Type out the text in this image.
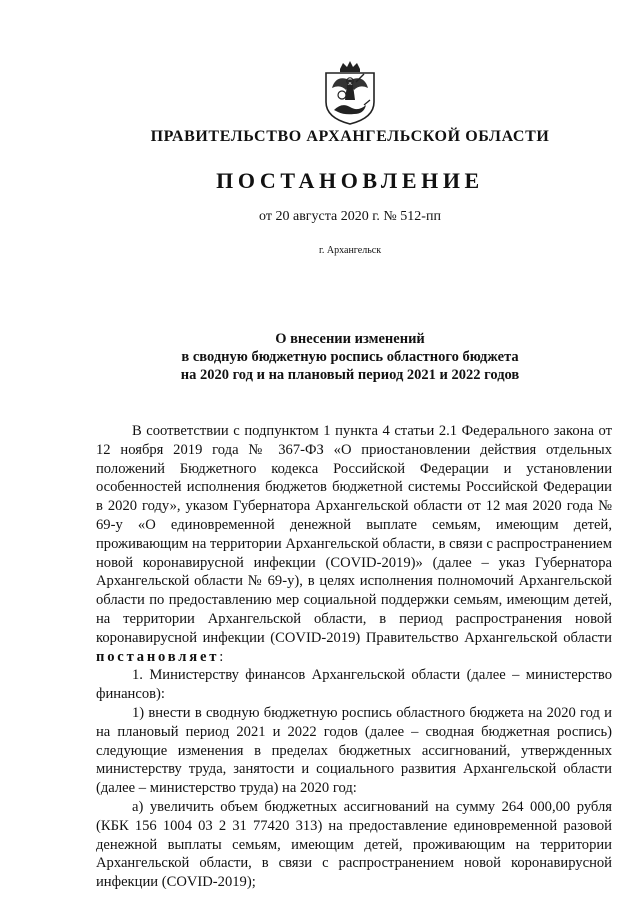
ПРАВИТЕЛЬСТВО АРХАНГЕЛЬСКОЙ ОБЛАСТИ
ПОСТАНОВЛЕНИЕ
от 20 августа 2020 г. № 512-пп
г. Архангельск
О внесении изменений
в сводную бюджетную роспись областного бюджета
на 2020 год и на плановый период 2021 и 2022 годов

В соответствии с подпунктом 1 пункта 4 статьи 2.1 Федерального закона от 12 ноября 2019 года № 367-ФЗ «О приостановлении действия отдельных положений Бюджетного кодекса Российской Федерации и установлении особенностей исполнения бюджетов бюджетной системы Российской Федерации в 2020 году», указом Губернатора Архангельской области от 12 мая 2020 года № 69-у «О единовременной денежной выплате семьям, имеющим детей, проживающим на территории Архангельской области, в связи с распространением новой коронавирусной инфекции (COVID-2019)» (далее – указ Губернатора Архангельской области № 69-у), в целях исполнения полномочий Архангельской области по предоставлению мер социальной поддержки семьям, имеющим детей, на территории Архангельской области, в период распространения новой коронавирусной инфекции (COVID-2019) Правительство Архангельской области постановляет:

1. Министерству финансов Архангельской области (далее – министерство финансов):

1) внести в сводную бюджетную роспись областного бюджета на 2020 год и на плановый период 2021 и 2022 годов (далее – сводная бюджетная роспись) следующие изменения в пределах бюджетных ассигнований, утвержденных министерству труда, занятости и социального развития Архангельской области (далее – министерство труда) на 2020 год:

а) увеличить объем бюджетных ассигнований на сумму 264 000,00 рубля (КБК 156 1004 03 2 31 77420 313) на предоставление единовременной разовой денежной выплаты семьям, имеющим детей, проживающим на территории Архангельской области, в связи с распространением новой коронавирусной инфекции (COVID-2019);
